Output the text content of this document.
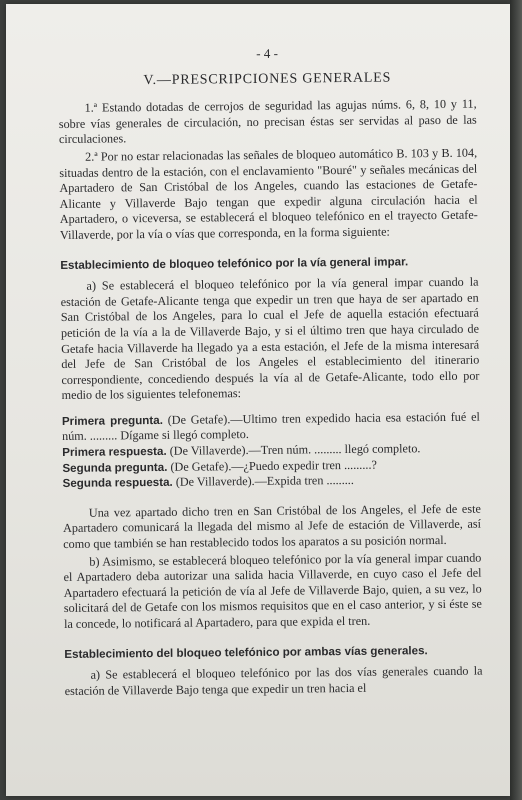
- 4 -
V.—PRESCRIPCIONES GENERALES

1.ª Estando dotadas de cerrojos de seguridad las agujas núms. 6, 8, 10 y 11, sobre vías generales de circulación, no precisan éstas ser servidas al paso de las circulaciones.

2.ª Por no estar relacionadas las señales de bloqueo automático B. 103 y B. 104, situadas dentro de la estación, con el enclavamiento "Bouré" y señales mecánicas del Apartadero de San Cristóbal de los Angeles, cuando las estaciones de Getafe-Alicante y Villaverde Bajo tengan que expedir alguna circulación hacia el Apartadero, o viceversa, se establecerá el bloqueo telefónico en el trayecto Getafe-Villaverde, por la vía o vías que corresponda, en la forma siguiente:

Establecimiento de bloqueo telefónico por la vía general impar.

a) Se establecerá el bloqueo telefónico por la vía general impar cuando la estación de Getafe-Alicante tenga que expedir un tren que haya de ser apartado en San Cristóbal de los Angeles, para lo cual el Jefe de aquella estación efectuará petición de la vía a la de Villaverde Bajo, y si el último tren que haya circulado de Getafe hacia Villaverde ha llegado ya a esta estación, el Jefe de la misma interesará del Jefe de San Cristóbal de los Angeles el establecimiento del itinerario correspondiente, concediendo después la vía al de Getafe-Alicante, todo ello por medio de los siguientes telefonemas:

Primera pregunta. (De Getafe).—Ultimo tren expedido hacia esa estación fué el núm. ......... Dígame si llegó completo.

Primera respuesta. (De Villaverde).—Tren núm. ......... llegó completo.

Segunda pregunta. (De Getafe).—¿Puedo expedir tren .........?

Segunda respuesta. (De Villaverde).—Expida tren .........

Una vez apartado dicho tren en San Cristóbal de los Angeles, el Jefe de este Apartadero comunicará la llegada del mismo al Jefe de estación de Villaverde, así como que también se han restablecido todos los aparatos a su posición normal.

b) Asimismo, se establecerá bloqueo telefónico por la vía general impar cuando el Apartadero deba autorizar una salida hacia Villaverde, en cuyo caso el Jefe del Apartadero efectuará la petición de vía al Jefe de Villaverde Bajo, quien, a su vez, lo solicitará del de Getafe con los mismos requisitos que en el caso anterior, y si éste se la concede, lo notificará al Apartadero, para que expida el tren.

Establecimiento del bloqueo telefónico por ambas vías generales.

a) Se establecerá el bloqueo telefónico por las dos vías generales cuando la estación de Villaverde Bajo tenga que expedir un tren hacia el
